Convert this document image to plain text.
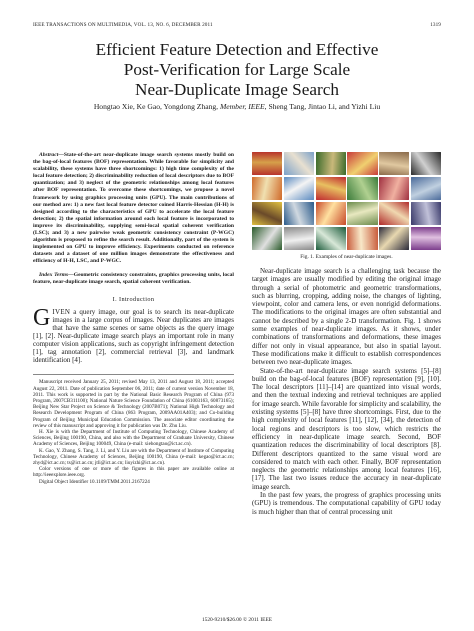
IEEE TRANSACTIONS ON MULTIMEDIA, VOL. 13, NO. 6, DECEMBER 2011	1319
Efficient Feature Detection and Effective
Post-Verification for Large Scale
Near-Duplicate Image Search
Hongtao Xie, Ke Gao, Yongdong Zhang, Member, IEEE, Sheng Tang, Jintao Li, and Yizhi Liu

Abstract—State-of-the-art near-duplicate image search systems mostly build on the bag-of-local features (BOF) representation. While favorable for simplicity and scalability, these systems have three shortcomings: 1) high time complexity of the local feature detection; 2) discriminability reduction of local descriptors due to BOF quantization; and 3) neglect of the geometric relationships among local features after BOF representation. To overcome these shortcomings, we propose a novel framework by using graphics processing units (GPU). The main contributions of our method are: 1) a new fast local feature detector coined Harris-Hessian (H-H) is designed according to the characteristics of GPU to accelerate the local feature detection; 2) the spatial information around each local feature is incorporated to improve its discriminability, supplying semi-local spatial coherent verification (LSC); and 3) a new pairwise weak geometric consistency constraint (P-WGC) algorithm is proposed to refine the search result. Additionally, part of the system is implemented on GPU to improve efficiency. Experiments conducted on reference datasets and a dataset of one million images demonstrate the effectiveness and efficiency of H-H, LSC, and P-WGC.

Index Terms—Geometric consistency constraints, graphics processing units, local feature, near-duplicate image search, spatial coherent verification.

I. Introduction

GIVEN a query image, our goal is to search its near-duplicate images in a large corpus of images. Near duplicates are images that have the same scenes or same objects as the query image [1], [2]. Near-duplicate image search plays an important role in many computer vision applications, such as copyright infringement detection [1], tag annotation [2], commercial retrieval [3], and landmark identification [4].

Manuscript received January 25, 2011; revised May 13, 2011 and August 18, 2011; accepted August 22, 2011. Date of publication September 06, 2011; date of current version November 18, 2011. This work is supported in part by the National Basic Research Program of China (973 Program, 2007CB311100); National Nature Science Foundation of China (61003163, 60873165); Beijing New Star Project on Science & Technology (2007B071); National High Technology and Research Development Program of China (863 Program, 2009AA01A403); and Co-building Program of Beijing Municipal Education Commission. The associate editor coordinating the review of this manuscript and approving it for publication was Dr. Zhu Liu.

H. Xie is with the Department of Institute of Computing Technology, Chinese Academy of Sciences, Beijing 100190, China, and also with the Department of Graduate University, Chinese Academy of Sciences, Beijing 100049, China (e-mail: xiehongtao@ict.ac.cn).

K. Gao, Y. Zhang, S. Tang, J. Li, and Y. Liu are with the Department of Institute of Computing Technology, Chinese Academy of Sciences, Beijing 100190, China (e-mail: kegao@ict.ac.cn; zhyd@ict.ac.cn; ts@ict.ac.cn; jtli@ict.ac.cn; liuyizhi@ict.ac.cn).

Color versions of one or more of the figures in this paper are available online at http://ieeexplore.ieee.org.

Digital Object Identifier 10.1109/TMM.2011.2167224

Fig. 1. Examples of near-duplicate images.

Near-duplicate image search is a challenging task because the target images are usually modified by editing the original image through a serial of photometric and geometric transformations, such as blurring, cropping, adding noise, the changes of lighting, viewpoint, color and camera lens, or even nonrigid deformations. The modifications to the original images are often substantial and cannot be described by a single 2-D transformation. Fig. 1 shows some examples of near-duplicate images. As it shows, under combinations of transformations and deformations, these images differ not only in visual appearance, but also in spatial layout. These modifications make it difficult to establish correspondences between two near-duplicate images.

State-of-the-art near-duplicate image search systems [5]–[8] build on the bag-of-local features (BOF) representation [9], [10]. The local descriptors [11]–[14] are quantized into visual words, and then the textual indexing and retrieval techniques are applied for image search. While favorable for simplicity and scalability, the existing systems [5]–[8] have three shortcomings. First, due to the high complexity of local features [11], [12], [34], the detection of local regions and descriptors is too slow, which restricts the efficiency in near-duplicate image search. Second, BOF quantization reduces the discriminability of local descriptors [8]. Different descriptors quantized to the same visual word are considered to match with each other. Finally, BOF representation neglects the geometric relationships among local features [16], [17]. The last two issues reduce the accuracy in near-duplicate image search.

In the past few years, the progress of graphics processing units (GPU) is tremendous. The computational capability of GPU today is much higher than that of central processing unit

1520-9210/$26.00 © 2011 IEEE
